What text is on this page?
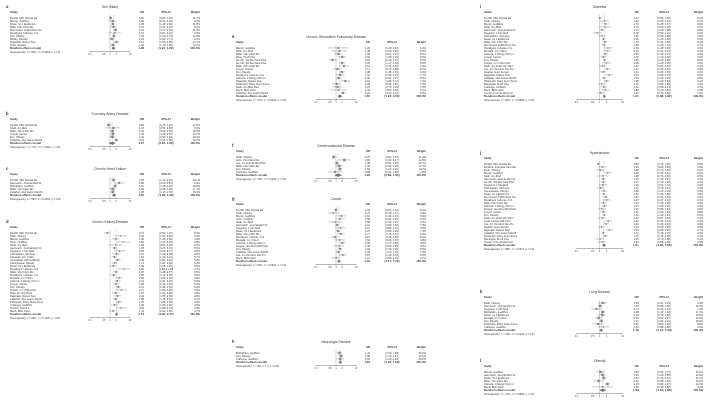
a	Sex (Male)
Study	OR	95%-CI	Weight
Pentlid, Mils Clinical Re	1.06	[0.89; 1.26]	11.7%
Mendy, medRxiv	1.36	[0.93; 2.01]	8.3%
Reiter, Int J Epidemiol	1.38	[1.18; 1.62]	11.9%
Miller, Clin Infect Dis	1.51	[1.02; 2.22]	8.2%
Mornmaad, JAMA Netw Op	1.91	[1.57; 2.33]	11.0%
Rozaliyani, Indones J Int	1.67	[0.81; 3.43]	4.3%
Kim, Obesity	1.56	[1.40; 1.73]	12.8%
Reddy, Obesity	1.24	[0.90; 1.71]	9.6%
Rojanakit, Nature Scie	2.12	[1.55; 2.89]	10.1%
Ruby, Obesity	1.42	[1.10; 1.83]	12.1%
Random effects model	1.48	[1.21; 1.82]	100.0%
Heterogeneity: I² = 80%, τ² = 0.0813, p < 0.01
0.1	0.5 1 2	10
b	Coronary Artery Disease
Study	OR	95%-CI	Weight
Pentlid, Mils Clinical Re	0.82	[0.75; 1.22]	22.0%
Shah, Am Med	1.47	[0.54; 3.03]	8.4%
Miller, Clin Infect Dis	1.34	[0.99; 1.84]	18.5%
Lunyal, Cancer	1.40	[1.08; 1.87]	19.7%
Kim, Obesity	1.30	[0.90; 1.94]	15.4%
Callahan, Res Assoc Med B	2.04	[1.66; 2.50]	16.0%
Random effects model	1.37	[0.87; 1.80]	100.0%
Heterogeneity: I² = 77%, τ² = 0.1282, p < 0.01
0.1	0.5 1 2	10
c	Chronic Heart Failure
Study	OR	95%-CI	Weight
Pentlid, Mils Clinical Re	1.50	[1.10; 2.02]	20.1%
Harmouch, Journal Med Vir	2.86	[1.50; 5.45]	8.9%
McPadden, medRxiv	1.81	[1.45; 2.26]	28.8%
Miller, Clin Infect Dis	1.36	[0.95; 1.95]	17.2%
Callahan, Res Assoc Med B	1.38	[1.12; 1.72]	25.0%
Random effects model	1.60	[1.29; 1.99]	100.0%
Heterogeneity: I² = 55%, τ² = 0.0302, p = 0.06
0.1	0.5 1 2	10
d	Chronic Kidney Disease
Study	OR	95%-CI	Weight
Pentlid, Mils Clinical Re	0.73	[0.50; 1.07]	5.2%
Pettit, Obesity	3.30	[1.63; 6.66]	3.3%
Mendy, medRxiv	1.96	[1.28; 3.00]	4.9%
Yeoh, medRxiv	4.50	[2.13; 9.53]	2.8%
Shah, Am Med	1.90	[0.84; 4.29]	2.5%
Harmouch, Journal Med Vir	1.70	[1.25; 2.31]	5.6%
Nogueira, J Clin Med	3.06	[1.62; 5.77]	3.5%
Alamatkhan, Vaccines	2.10	[1.30; 3.39]	4.5%
Ascarella, Am J Med	1.63	[1.20; 2.21]	5.7%
Amezawati, ADimesMedic	2.48	[1.81; 3.40]	5.6%
Caminitvasa, Obesity	1.73	[1.21; 2.48]	5.3%
Reiter, Int J Epidemiol	1.46	[1.05; 2.03]	5.6%
Rozaliyani, Indones J Int	5.20	[2.38; 11.40]	2.7%
Miller, Clin Infect Dis	1.97	[1.40; 2.77]	5.5%
Rozaliyani, Indones J Int	1.52	[1.13; 2.05]	5.8%
Mostafa, Int J Infect	2.80	[1.86; 4.22]	4.8%
Cabrera, J Allergy Clin Im	2.31	[1.64; 3.25]	5.4%
Lunyal, Cancer	1.98	[1.34; 2.93]	5.0%
Kim, Obesity	2.61	[1.98; 3.44]	6.0%
Terrarn, Int J Infect Dis	3.71	[1.99; 6.90]	3.6%
Elleti, Ann Ep Rece	1.87	[1.22; 2.86]	4.8%
Rajanakit, Nature Scie	2.34	[1.55; 3.53]	4.9%
Callahan, Res Assoc Med B	1.88	[1.45; 2.44]	6.1%
Philomath, Ruby, Euro Surve	2.75	[1.86; 4.06]	4.9%
Crahinga, medRxiv	1.69	[1.09; 2.62]	4.6%
Morizui, Scand J	3.56	[1.88; 6.74]	3.4%
Mach, BMJ Open	1.42	[0.92; 2.19]	4.7%
Random effects model	2.13	[1.80; 2.47]	100.0%
Heterogeneity: I² = 80%, τ² = 0.1126, p < 0.01
0.1	0.5 1 2	10
e	Chronic Obstructive Pulmonary Disease
Study	OR	95%-CI	Weight
Mendy, medRxiv	1.29	[0.40; 4.15]	6.0%
Shah, Am Med	1.48	[0.60; 3.62]	6.9%
Miller, Clin Infect Dis	1.30	[0.81; 2.10]	8.5%
Zhao, PLoS One	2.04	[1.28; 3.26]	8.6%
Ge Vitt, Sol Ren Med Phar	0.67	[0.43; 1.07]	8.0%
Ge Vitt, Sol Ren Med Phar	2.00	[1.37; 2.93]	8.8%
Miller, Clin Infect Dis	2.51	[1.41; 4.45]	7.6%
Lunyal, Cancer	1.17	[0.73; 1.88]	8.2%
Kim, Obesity	1.98	[1.45; 2.70]	9.3%
Rozaliyani, Indones J Int	1.62	[0.96; 2.73]	7.7%
Cabrera, J Allergy Clin Im	1.36	[0.94; 1.97]	8.9%
Rajanakit, Nature Scie	2.91	[1.65; 5.13]	7.4%
Philomath, Ruby, Euro Surve	1.09	[0.66; 1.80]	7.8%
Shah, Am Med Med	1.21	[0.70; 2.09]	7.5%
Mach, BMJ Open	1.30	[0.52; 3.25]	5.2%
Callahan, Res Assoc Med B	2.21	[1.62; 3.01]	9.5%
Random effects model	1.50	[1.23; 2.03]	100.0%
Heterogeneity: I² = 57%, τ² = 0.0936, p < 0.01
0.1	0.5 1 2	10
f	Cerebrovascular Disease
Study	OR	95%-CI	Weight
Pettit, Obesity	0.75	[0.61; 0.97]	21.4%
Iams, Clin Infect Dis	2.60	[1.31; 5.17]	12.5%
Lau, Int Journal Med Phar	1.08	[0.94; 1.25]	22.1%
Miller, Clin Infect Dis	1.42	[0.92; 2.18]	17.3%
Kim, Obesity	1.59	[1.22; 2.07]	19.7%
Crahinga, medRxiv	0.88	[0.41; 1.89]	7.0%
Random effects model	1.29	[0.86; 1.93]	100.0%
Heterogeneity: I² = 73%, τ² = 0.1255, p < 0.01
0.1	0.5 1 2	10
g	Cancer
Study	OR	95%-CI	Weight
Pentlid, Mils Clinical Re	1.00	[0.81; 1.24]	8.1%
Pettit, Obesity	0.73	[0.39; 1.37]	4.4%
Mendy, medRxiv	1.81	[1.09; 3.01]	5.3%
Yeoh, medRxiv	1.55	[0.91; 2.65]	5.1%
Shah, Am Med	0.90	[0.42; 1.91]	3.6%
Harmouch, Journal Med Vir	1.16	[0.89; 1.52]	7.6%
Nogueira, J Clin Med	1.67	[0.90; 3.10]	4.5%
Reiter, Int J Epidemiol	1.27	[0.96; 1.69]	7.4%
Miller, Clin Infect Dis	1.77	[1.15; 2.72]	6.0%
Rozaliyani, Indones J Int	0.87	[0.58; 1.30]	6.2%
Mostafa, Int J Infect	1.54	[0.86; 2.76]	4.8%
Cabrera, J Allergy Clin Im	2.05	[1.47; 2.86]	6.9%
Dugeon, Eur Rev Med Phar	1.44	[0.82; 2.53]	4.9%
Kim, Obesity	1.60	[1.28; 2.00]	8.0%
Callahan, Res Assoc Med B	1.33	[1.02; 1.73]	7.6%
Lee, Int J Environ Res Pu	2.19	[1.36; 3.53]	5.6%
Mach, BMJ Open	1.01	[0.58; 1.76]	4.7%
Random effects model	1.42	[1.17; 1.72]	100.0%
Heterogeneity: I² = 59%, τ² = 0.0616, p < 0.01
0.1	0.5 1 2	10
h	Neurologic Disease
Study	OR	95%-CI	Weight
McPadden, medRxiv	1.47	[1.09; 1.98]	36.2%
Kim, Obesity	1.80	[1.33; 2.44]	37.6%
Crahinga, medRxiv	1.62	[1.06; 2.48]	26.2%
Random effects model	1.63	[1.33; 1.99]	100.0%
Heterogeneity: I² = 0%, τ² = 0, p = 0.62
0.1	0.5 1 2	10
i	Diabetes
Study	OR	95%-CI	Weight
Pentlid, Mils Clinical Re	1.03	[0.90; 1.18]	5.0%
Pettit, Obesity	1.60	[1.05; 2.44]	3.1%
Mendy, medRxiv	1.79	[1.25; 2.57]	3.6%
Shah, Am Med	1.75	[0.93; 3.28]	2.2%
Harmouch, Journal Med Vir	1.27	[1.02; 1.58]	4.6%
Nogueira, J Clin Med	0.78	[0.50; 1.22]	3.0%
Alamatkhan, Vaccines	1.30	[0.90; 1.88]	3.5%
Reiter, Int J Epidemiol	1.46	[1.26; 1.69]	5.0%
Miller, Clin Infect Dis	1.73	[1.31; 2.28]	4.2%
Mornmaad, JAMA Netw Op	1.58	[1.29; 1.94]	4.7%
Rozaliyani, Indones J Int	2.33	[1.48; 3.66]	3.0%
Mostafa, Int J Infect	2.10	[1.41; 3.13]	3.3%
Cabrera, J Allergy Clin Im	1.80	[1.40; 2.31]	4.4%
Lunyal, Cancer	1.49	[1.10; 2.02]	4.0%
Kim, Obesity	1.65	[1.45; 1.88]	5.0%
Terrarn, Int J Infect Dis	2.05	[1.29; 3.26]	2.9%
Shah, Am Acad Clin Med	1.36	[0.92; 2.01]	3.4%
Lee, Int J Environ Res Pu	2.17	[1.55; 3.04]	3.8%
Kaarifer, Euro Surveil	1.44	[1.06; 1.96]	4.0%
Rajanakit, Nature Scie	2.63	[1.83; 3.78]	3.6%
Callahan, Res Assoc Med B	1.55	[1.24; 1.94]	4.6%
Philomath, Ruby, Euro Surve	1.98	[1.49; 2.63]	4.2%
Marangila, PLoS One	1.25	[0.84; 1.86]	3.4%
Crahinga, medRxiv	1.52	[1.08; 2.14]	3.7%
Mach, BMJ Open	1.86	[1.23; 2.81]	3.2%
Cousin, Front Endocrinol	1.12	[0.76; 1.65]	3.3%
Random effects model	1.61	[1.38; 1.82]	100.0%
Heterogeneity: I² = 86%, τ² = 0.0668, p < 0.01
0.1	0.5 1 2	10
j	Hypertension
Study	OR	95%-CI	Weight
Pentlid, Mils Clinical Re	0.88	[0.76; 1.02]	4.9%
Ercillora, Intensive Care Me	1.30	[0.89; 1.90]	3.6%
Pettit, Obesity	1.08	[0.72; 1.62]	3.4%
Mendy, medRxiv	2.25	[1.53; 3.31]	3.6%
Shah, Am Med	1.38	[0.76; 2.50]	2.5%
Harmouch, Journal Med Vir	1.45	[1.16; 1.81]	4.4%
Ge Vitt, Sol Ren Med Phar	1.47	[1.10; 1.96]	4.1%
Nogueira, J Clin Med	1.39	[0.91; 2.12]	3.3%
Alamatkhan, Vaccines	1.12	[0.78; 1.61]	3.7%
Caminitvasa, Obesity	1.58	[1.14; 2.19]	3.9%
Reiter, Int J Epidemiol	1.56	[1.35; 1.80]	4.9%
Mornmaad, JAMA Netw Op	1.87	[1.53; 2.29]	4.6%
Rozaliyani, Indones J Int	2.07	[1.37; 3.13]	3.4%
Miller, Clin Infect Dis	1.49	[1.08; 2.06]	3.9%
Cabrera, J Allergy Clin Im	1.63	[1.26; 2.11]	4.3%
Dugeon, Eur Rev Med Phar	1.25	[0.85; 1.84]	3.5%
Lunyal, Cancer	1.42	[1.04; 1.94]	3.9%
Kim, Obesity	1.61	[1.43; 1.81]	5.0%
Shah, Am Acad Clin Med	1.30	[0.87; 1.94]	3.4%
Ayad, Assian Coll Card	2.36	[1.62; 3.44]	3.6%
Lee, Int J Environ Res Pu	1.93	[1.40; 2.66]	3.9%
Kaarifer, Euro Surveil	1.22	[0.90; 1.65]	4.0%
Rajanakit, Nature Scie	2.66	[1.85; 3.82]	3.7%
Callahan, Res Assoc Med B	1.44	[1.16; 1.79]	4.5%
Philomath, Ruby, Euro Surve	1.76	[1.32; 2.35]	4.1%
Marangila, PLoS One	1.05	[0.70; 1.58]	3.4%
Cousin, Front Endocrinol	1.29	[0.88; 1.89]	3.5%
Random effects model	1.51	[1.30; 1.88]	100.0%
Heterogeneity: I² = 88%, τ² = 0.0974, p < 0.01
0.1	0.5 1 2	10
k	Lung Disease
Study	OR	95%-CI	Weight
Pettit, Obesity	1.40	[0.91; 2.15]	9.6%
Harmouch, Journal Med Vir	1.05	[0.85; 1.30]	16.6%
Nogueira, J Clin Med	0.73	[0.43; 1.24]	7.2%
McPadden, medRxiv	1.38	[1.13; 1.68]	17.2%
Reiter, Int J Epidemiol	1.30	[0.79; 1.82]	10.6%
Mostafa, Int J Infect	0.92	[0.62; 1.37]	10.5%
Kim, Obesity	1.21	[1.04; 1.41]	18.6%
Philomath, Ruby, Euro Surve	0.86	[0.50; 1.48]	6.8%
Crahinga, medRxiv	1.50	[0.88; 2.56]	2.9%
Random effects model	1.18	[1.01; 1.39]	100.0%
Heterogeneity: I² = 54%, τ² = 0.0242, p = 0.03
0.1	0.5 1 2	10
l	Obesity
Study	OR	95%-CI	Weight
Mendy, medRxiv	1.08	[0.66; 1.77]	16.0%
Harmouch, Journal Med Vir	1.36	[1.00; 1.85]	20.9%
Reiter, Int J Epidemiol	1.53	[1.13; 2.07]	21.0%
Miller, Clin Infect Dis	0.92	[0.58; 1.46]	16.8%
Cabrera, J Allergy Clin Im	2.18	[1.60; 2.97]	20.9%
Mach, BMJ Open	1.38	[0.49; 3.88]	4.4%
Random effects model	1.39	[1.03; 1.88]	100.0%
Heterogeneity: I² = 74%, τ² = 0.0866, p < 0.01
0.1	0.5 1 2	10
